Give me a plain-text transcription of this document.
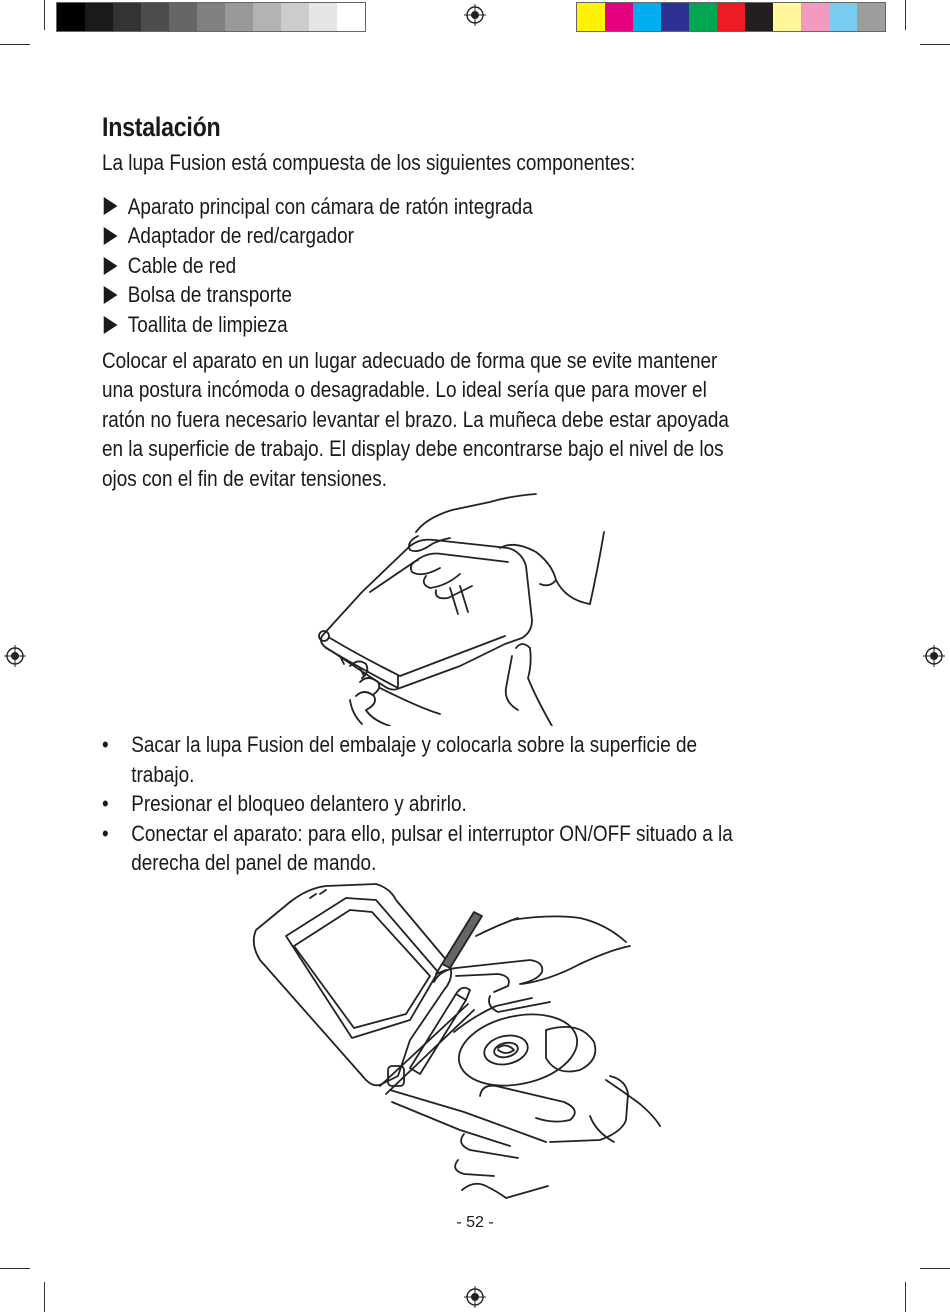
Instalación
La lupa Fusion está compuesta de los siguientes componentes:
Aparato principal con cámara de ratón integrada
Adaptador de red/cargador
Cable de red
Bolsa de transporte
Toallita de limpieza
Colocar el aparato en un lugar adecuado de forma que se evite mantener
una postura incómoda o desagradable. Lo ideal sería que para mover el
ratón no fuera necesario levantar el brazo. La muñeca debe estar apoyada
en la superficie de trabajo. El display debe encontrarse bajo el nivel de los
ojos con el fin de evitar tensiones.
• Sacar la lupa Fusion del embalaje y colocarla sobre la superficie de
trabajo.
• Presionar el bloqueo delantero y abrirlo.
• Conectar el aparato: para ello, pulsar el interruptor ON/OFF situado a la
derecha del panel de mando.
- 52 -
